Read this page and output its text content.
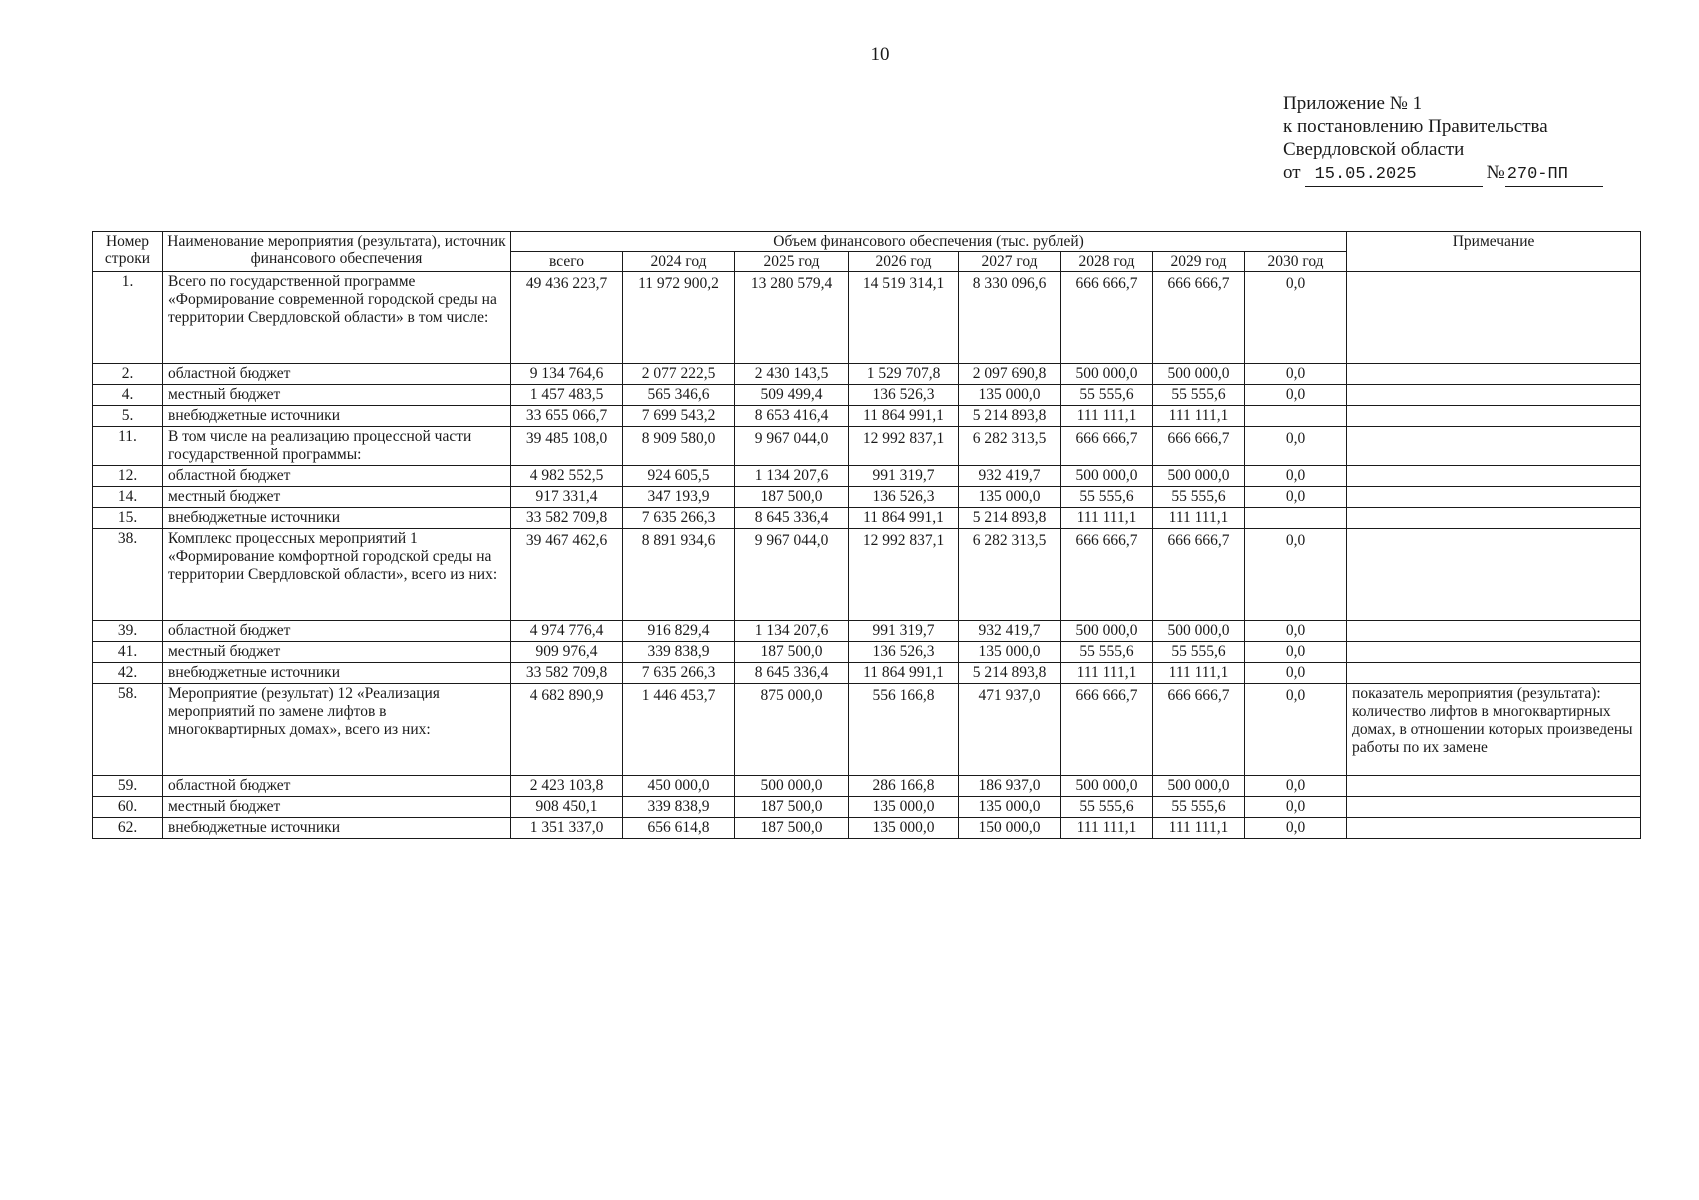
10
Приложение № 1
к постановлению Правительства
Свердловской области
от 15.05.2025	№ 270-ПП
Номер строки	Наименование мероприятия (результата), источник финансового обеспечения	Объем финансового обеспечения (тыс. рублей)								Примечание
		всего	2024 год	2025 год	2026 год	2027 год	2028 год	2029 год	2030 год	
1.	Всего по государственной программе «Формирование современной городской среды на территории Свердловской области» в том числе:	49 436 223,7	11 972 900,2	13 280 579,4	14 519 314,1	8 330 096,6	666 666,7	666 666,7	0,0	
2.	областной бюджет	9 134 764,6	2 077 222,5	2 430 143,5	1 529 707,8	2 097 690,8	500 000,0	500 000,0	0,0	
4.	местный бюджет	1 457 483,5	565 346,6	509 499,4	136 526,3	135 000,0	55 555,6	55 555,6	0,0	
5.	внебюджетные источники	33 655 066,7	7 699 543,2	8 653 416,4	11 864 991,1	5 214 893,8	111 111,1	111 111,1		
11.	В том числе на реализацию процессной части государственной программы:	39 485 108,0	8 909 580,0	9 967 044,0	12 992 837,1	6 282 313,5	666 666,7	666 666,7	0,0	
12.	областной бюджет	4 982 552,5	924 605,5	1 134 207,6	991 319,7	932 419,7	500 000,0	500 000,0	0,0	
14.	местный бюджет	917 331,4	347 193,9	187 500,0	136 526,3	135 000,0	55 555,6	55 555,6	0,0	
15.	внебюджетные источники	33 582 709,8	7 635 266,3	8 645 336,4	11 864 991,1	5 214 893,8	111 111,1	111 111,1		
38.	Комплекс процессных мероприятий 1 «Формирование комфортной городской среды на территории Свердловской области», всего из них:	39 467 462,6	8 891 934,6	9 967 044,0	12 992 837,1	6 282 313,5	666 666,7	666 666,7	0,0	
39.	областной бюджет	4 974 776,4	916 829,4	1 134 207,6	991 319,7	932 419,7	500 000,0	500 000,0	0,0	
41.	местный бюджет	909 976,4	339 838,9	187 500,0	136 526,3	135 000,0	55 555,6	55 555,6	0,0	
42.	внебюджетные источники	33 582 709,8	7 635 266,3	8 645 336,4	11 864 991,1	5 214 893,8	111 111,1	111 111,1	0,0	
58.	Мероприятие (результат) 12 «Реализация мероприятий по замене лифтов в многоквартирных домах», всего из них:	4 682 890,9	1 446 453,7	875 000,0	556 166,8	471 937,0	666 666,7	666 666,7	0,0	показатель мероприятия (результата): количество лифтов в многоквартирных домах, в отношении которых произведены работы по их замене
59.	областной бюджет	2 423 103,8	450 000,0	500 000,0	286 166,8	186 937,0	500 000,0	500 000,0	0,0	
60.	местный бюджет	908 450,1	339 838,9	187 500,0	135 000,0	135 000,0	55 555,6	55 555,6	0,0	
62.	внебюджетные источники	1 351 337,0	656 614,8	187 500,0	135 000,0	150 000,0	111 111,1	111 111,1	0,0	
